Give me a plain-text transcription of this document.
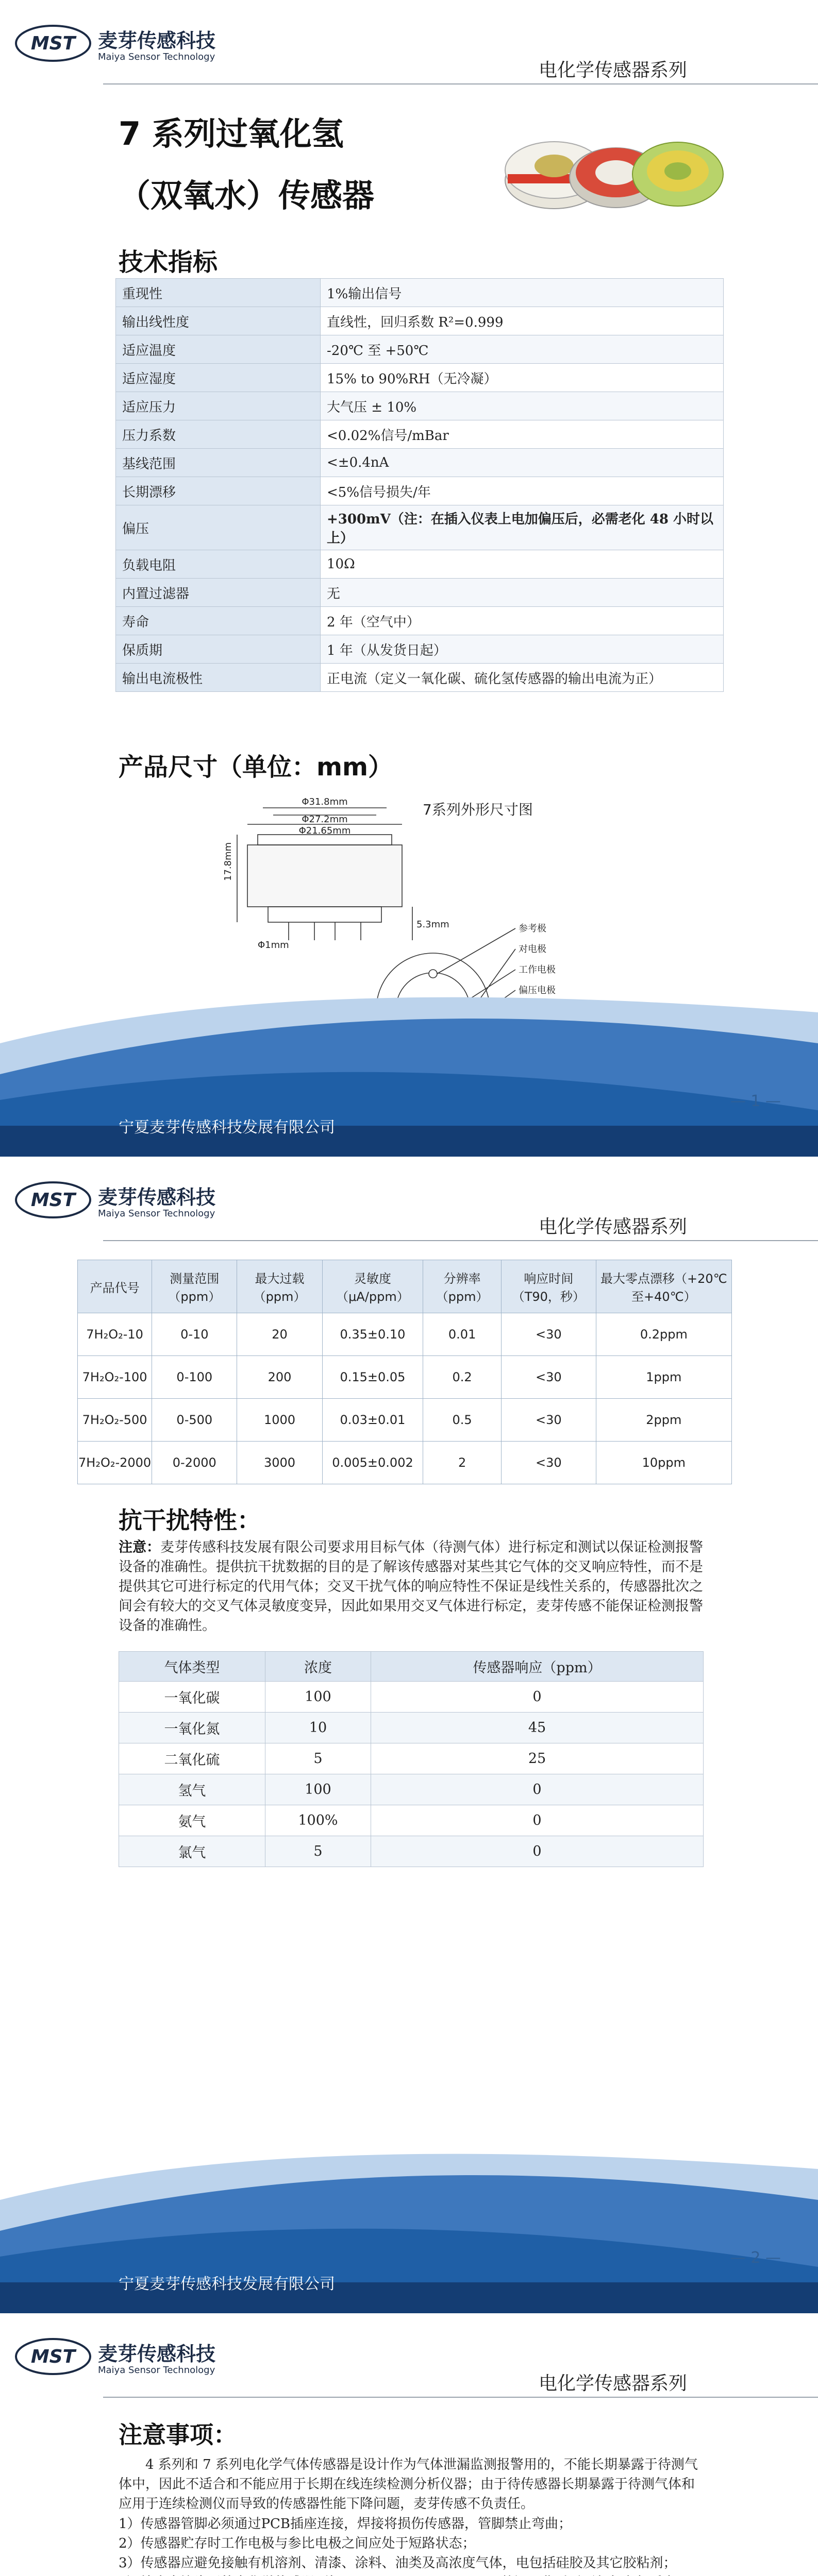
MST 麦芽传感科技
Maiya Sensor Technology
电化学传感器系列
7 系列过氧化氢
（双氧水）传感器
技术指标
重现性	1%输出信号
输出线性度	直线性，回归系数 R²=0.999
适应温度	-20℃ 至 +50℃
适应湿度	15% to 90%RH（无冷凝）
适应压力	大气压 ± 10%
压力系数	<0.02%信号/mBar
基线范围	<±0.4nA
长期漂移	<5%信号损失/年
偏压	+300mV（注：在插入仪表上电加偏压后，必需老化 48 小时以上）
负载电阻	10Ω
内置过滤器	无
寿命	2 年（空气中）
保质期	1 年（从发货日起）
输出电流极性	正电流（定义一氧化碳、硫化氢传感器的输出电流为正）
产品尺寸（单位：mm）
Φ31.8mm
Φ27.2mm
Φ21.65mm
17.8mm
5.3mm
Φ1mm
参考极
对电极
工作电极
偏压电极
7系列外形尺寸图
— 1 —
宁夏麦芽传感科技发展有限公司
MST 麦芽传感科技
Maiya Sensor Technology
电化学传感器系列
产品代号	测量范围（ppm）	最大过载（ppm）	灵敏度（μA/ppm）	分辨率（ppm）	响应时间（T90，秒）	最大零点漂移（+20℃至+40℃）
7H₂O₂-10	0-10	20	0.35±0.10	0.01	<30	0.2ppm
7H₂O₂-100	0-100	200	0.15±0.05	0.2	<30	1ppm
7H₂O₂-500	0-500	1000	0.03±0.01	0.5	<30	2ppm
7H₂O₂-2000	0-2000	3000	0.005±0.002	2	<30	10ppm
抗干扰特性：
注意：麦芽传感科技发展有限公司要求用目标气体（待测气体）进行标定和测试以保证检测报警设备的准确性。提供抗干扰数据的目的是了解该传感器对某些其它气体的交叉响应特性，而不是提供其它可进行标定的代用气体；交叉干扰气体的响应特性不保证是线性关系的，传感器批次之间会有较大的交叉气体灵敏度变异，因此如果用交叉气体进行标定，麦芽传感不能保证检测报警设备的准确性。
气体类型	浓度	传感器响应（ppm）
一氧化碳	100	0
一氧化氮	10	45
二氧化硫	5	25
氢气	100	0
氨气	100%	0
氯气	5	0
— 2 —
宁夏麦芽传感科技发展有限公司
MST 麦芽传感科技
Maiya Sensor Technology
电化学传感器系列
注意事项：

4 系列和 7 系列电化学气体传感器是设计作为气体泄漏监测报警用的，不能长期暴露于待测气体中，因此不适合和不能应用于长期在线连续检测分析仪器；由于待传感器长期暴露于待测气体和应用于连续检测仪而导致的传感器性能下降问题，麦芽传感不负责任。

1）传感器管脚必须通过PCB插座连接，焊接将损伤传感器，管脚禁止弯曲；

2）传感器贮存时工作电极与参比电极之间应处于短路状态；

3）传感器应避免接触有机溶剂、清漆、涂料、油类及高浓度气体，电包括硅胶及其它胶粘剂；
